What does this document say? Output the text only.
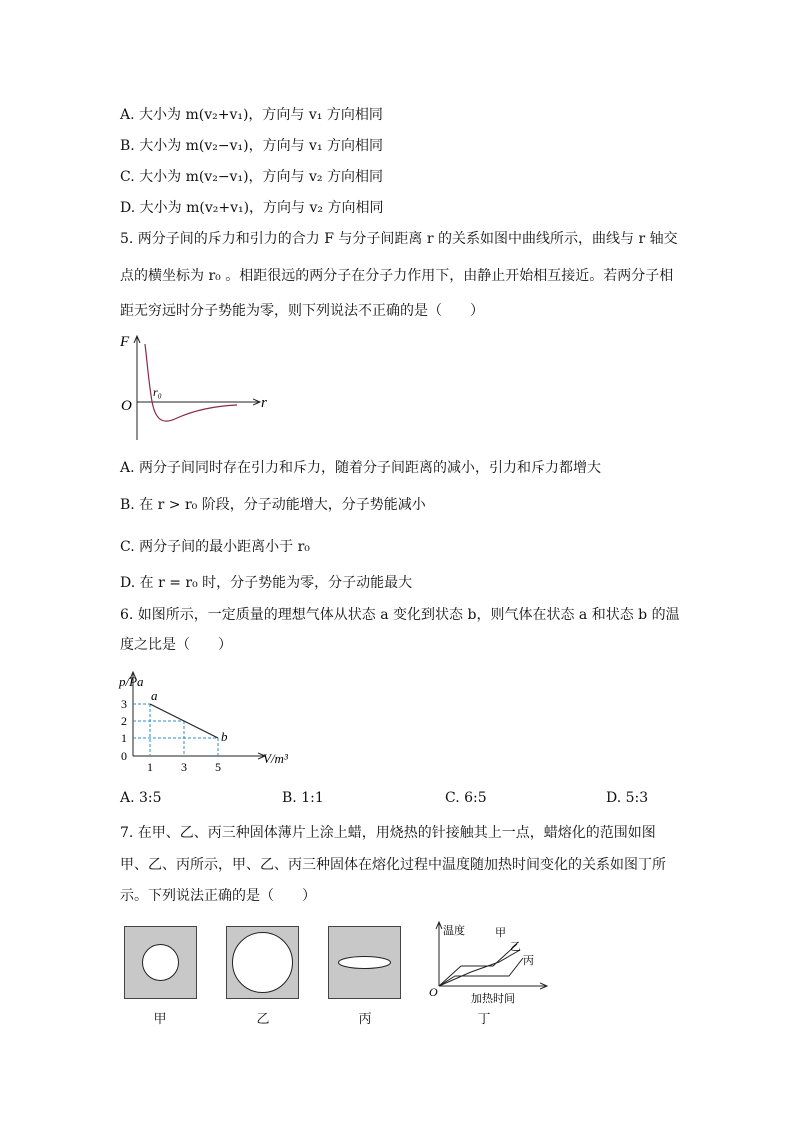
A. 大小为 m(v₂+v₁)，方向与 v₁ 方向相同
B. 大小为 m(v₂−v₁)，方向与 v₁ 方向相同
C. 大小为 m(v₂−v₁)，方向与 v₂ 方向相同
D. 大小为 m(v₂+v₁)，方向与 v₂ 方向相同
5. 两分子间的斥力和引力的合力 F 与分子间距离 r 的关系如图中曲线所示，曲线与 r 轴交
点的横坐标为 r₀ 。相距很远的两分子在分子力作用下，由静止开始相互接近。若两分子相
距无穷远时分子势能为零，则下列说法不正确的是（　　）
F
O	r
r₀
A. 两分子间同时存在引力和斥力，随着分子间距离的减小，引力和斥力都增大
B. 在 r > r₀ 阶段，分子动能增大，分子势能减小
C. 两分子间的最小距离小于 r₀
D. 在 r = r₀ 时，分子势能为零，分子动能最大
6. 如图所示，一定质量的理想气体从状态 a 变化到状态 b，则气体在状态 a 和状态 b 的温
度之比是（　　）
p/Pa
V/m³
0
1
2
3
1 3 5
a
b
A. 3:5	B. 1:1	C. 6:5	D. 5:3
7. 在甲、乙、丙三种固体薄片上涂上蜡，用烧热的针接触其上一点，蜡熔化的范围如图
甲、乙、丙所示，甲、乙、丙三种固体在熔化过程中温度随加热时间变化的关系如图丁所
示。下列说法正确的是（　　）
甲	乙	丙	丁
温度
加热时间
O
甲
乙
丙
